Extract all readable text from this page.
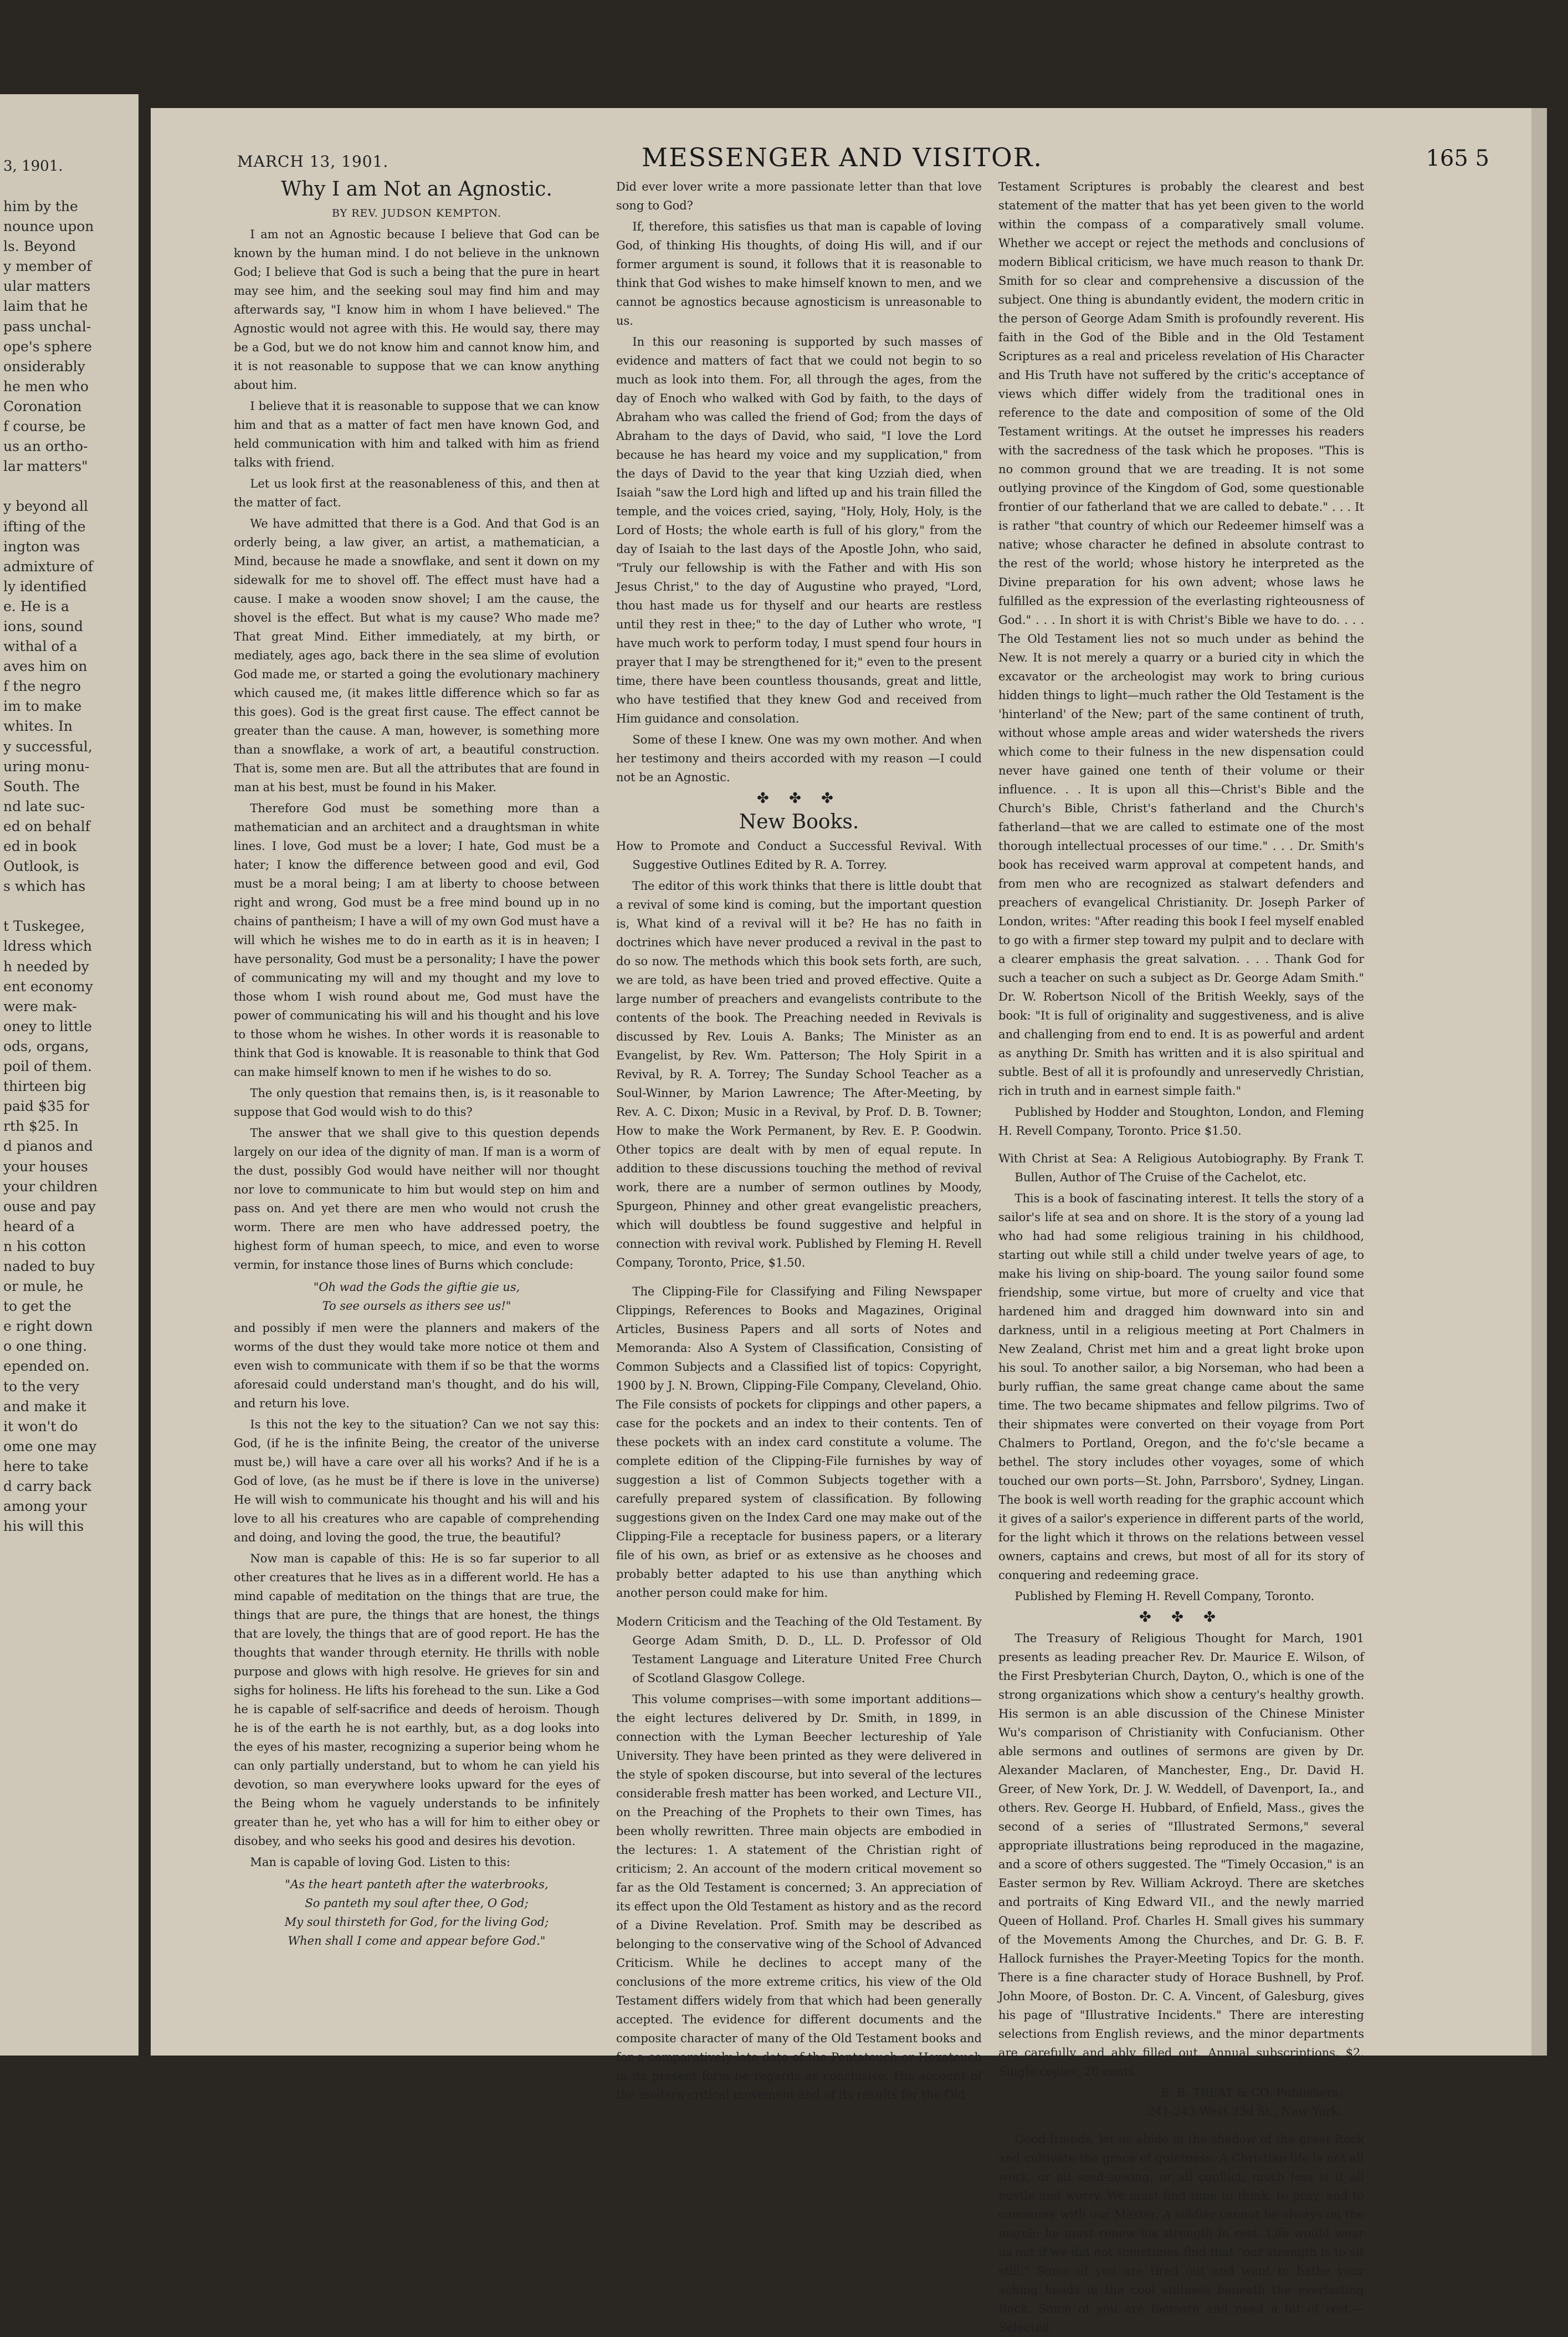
3, 1901.
him by the
nounce upon
ls. Beyond
y member of
ular matters
laim that he
pass unchal-
ope's sphere
onsiderably
he men who
Coronation
f course, be
us an ortho-
lar matters"

y beyond all
ifting of the
ington was
admixture of
ly identified
e. He is a
ions, sound
withal of a
aves him on
f the negro
im to make
whites. In
y successful,
uring monu-
South. The
nd late suc-
ed on behalf
ed in book
Outlook, is
s which has

t Tuskegee,
ldress which
h needed by
ent economy
were mak-
oney to little
ods, organs,
poil of them.
thirteen big
paid $35 for
rth $25. In
d pianos and
your houses
your children
ouse and pay
heard of a
n his cotton
naded to buy
or mule, he
to get the
e right down
o one thing.
epended on.
to the very
and make it
it won't do
ome one may
here to take
d carry back
among your
his will this
MARCH 13, 1901.	MESSENGER AND VISITOR.	165 5

Why I am Not an Agnostic.

BY REV. JUDSON KEMPTON.

I am not an Agnostic because I believe that God can be known by the human mind. I do not believe in the unknown God; I believe that God is such a being that the pure in heart may see him, and the seeking soul may find him and may afterwards say, "I know him in whom I have believed." The Agnostic would not agree with this. He would say, there may be a God, but we do not know him and cannot know him, and it is not reasonable to suppose that we can know anything about him.

I believe that it is reasonable to suppose that we can know him and that as a matter of fact men have known God, and held communication with him and talked with him as friend talks with friend.

Let us look first at the reasonableness of this, and then at the matter of fact.

We have admitted that there is a God. And that God is an orderly being, a law giver, an artist, a mathematician, a Mind, because he made a snowflake, and sent it down on my sidewalk for me to shovel off. The effect must have had a cause. I make a wooden snow shovel; I am the cause, the shovel is the effect. But what is my cause? Who made me? That great Mind. Either immediately, at my birth, or mediately, ages ago, back there in the sea slime of evolution God made me, or started a going the evolutionary machinery which caused me, (it makes little difference which so far as this goes). God is the great first cause. The effect cannot be greater than the cause. A man, however, is something more than a snowflake, a work of art, a beautiful construction. That is, some men are. But all the attributes that are found in man at his best, must be found in his Maker.

Therefore God must be something more than a mathematician and an architect and a draughtsman in white lines. I love, God must be a lover; I hate, God must be a hater; I know the difference between good and evil, God must be a moral being; I am at liberty to choose between right and wrong, God must be a free mind bound up in no chains of pantheism; I have a will of my own God must have a will which he wishes me to do in earth as it is in heaven; I have personality, God must be a personality; I have the power of communicating my will and my thought and my love to those whom I wish round about me, God must have the power of communicating his will and his thought and his love to those whom he wishes. In other words it is reasonable to think that God is knowable. It is reasonable to think that God can make himself known to men if he wishes to do so.

The only question that remains then, is, is it reasonable to suppose that God would wish to do this?

The answer that we shall give to this question depends largely on our idea of the dignity of man. If man is a worm of the dust, possibly God would have neither will nor thought nor love to communicate to him but would step on him and pass on. And yet there are men who would not crush the worm. There are men who have addressed poetry, the highest form of human speech, to mice, and even to worse vermin, for instance those lines of Burns which conclude:

"Oh wad the Gods the giftie gie us,
To see oursels as ithers see us!"

and possibly if men were the planners and makers of the worms of the dust they would take more notice ot them and even wish to communicate with them if so be that the worms aforesaid could understand man's thought, and do his will, and return his love.

Is this not the key to the situation? Can we not say this: God, (if he is the infinite Being, the creator of the universe must be,) will have a care over all his works? And if he is a God of love, (as he must be if there is love in the universe) He will wish to communicate his thought and his will and his love to all his creatures who are capable of comprehending and doing, and loving the good, the true, the beautiful?

Now man is capable of this: He is so far superior to all other creatures that he lives as in a different world. He has a mind capable of meditation on the things that are true, the things that are pure, the things that are honest, the things that are lovely, the things that are of good report. He has the thoughts that wander through eternity. He thrills with noble purpose and glows with high resolve. He grieves for sin and sighs for holiness. He lifts his forehead to the sun. Like a God he is capable of self-sacrifice and deeds of heroism. Though he is of the earth he is not earthly, but, as a dog looks into the eyes of his master, recognizing a superior being whom he can only partially understand, but to whom he can yield his devotion, so man everywhere looks upward for the eyes of the Being whom he vaguely understands to be infinitely greater than he, yet who has a will for him to either obey or disobey, and who seeks his good and desires his devotion.

Man is capable of loving God. Listen to this:

"As the heart panteth after the waterbrooks,
So panteth my soul after thee, O God;
My soul thirsteth for God, for the living God;
When shall I come and appear before God."

Did ever lover write a more passionate letter than that love song to God?

If, therefore, this satisfies us that man is capable of loving God, of thinking His thoughts, of doing His will, and if our former argument is sound, it follows that it is reasonable to think that God wishes to make himself known to men, and we cannot be agnostics because agnosticism is unreasonable to us.

In this our reasoning is supported by such masses of evidence and matters of fact that we could not begin to so much as look into them. For, all through the ages, from the day of Enoch who walked with God by faith, to the days of Abraham who was called the friend of God; from the days of Abraham to the days of David, who said, "I love the Lord because he has heard my voice and my supplication," from the days of David to the year that king Uzziah died, when Isaiah "saw the Lord high and lifted up and his train filled the temple, and the voices cried, saying, "Holy, Holy, Holy, is the Lord of Hosts; the whole earth is full of his glory," from the day of Isaiah to the last days of the Apostle John, who said, "Truly our fellowship is with the Father and with His son Jesus Christ," to the day of Augustine who prayed, "Lord, thou hast made us for thyself and our hearts are restless until they rest in thee;" to the day of Luther who wrote, "I have much work to perform today, I must spend four hours in prayer that I may be strengthened for it;" even to the present time, there have been countless thousands, great and little, who have testified that they knew God and received from Him guidance and consolation.

Some of these I knew. One was my own mother. And when her testimony and theirs accorded with my reason —I could not be an Agnostic.

✤ ✤ ✤

New Books.

How to Promote and Conduct a Successful Revival. With Suggestive Outlines Edited by R. A. Torrey.

The editor of this work thinks that there is little doubt that a revival of some kind is coming, but the important question is, What kind of a revival will it be? He has no faith in doctrines which have never produced a revival in the past to do so now. The methods which this book sets forth, are such, we are told, as have been tried and proved effective. Quite a large number of preachers and evangelists contribute to the contents of the book. The Preaching needed in Revivals is discussed by Rev. Louis A. Banks; The Minister as an Evangelist, by Rev. Wm. Patterson; The Holy Spirit in a Revival, by R. A. Torrey; The Sunday School Teacher as a Soul-Winner, by Marion Lawrence; The After-Meeting, by Rev. A. C. Dixon; Music in a Revival, by Prof. D. B. Towner; How to make the Work Permanent, by Rev. E. P. Goodwin. Other topics are dealt with by men of equal repute. In addition to these discussions touching the method of revival work, there are a number of sermon outlines by Moody, Spurgeon, Phinney and other great evangelistic preachers, which will doubtless be found suggestive and helpful in connection with revival work. Published by Fleming H. Revell Company, Toronto, Price, $1.50.

The Clipping-File for Classifying and Filing Newspaper Clippings, References to Books and Magazines, Original Articles, Business Papers and all sorts of Notes and Memoranda: Also A System of Classification, Consisting of Common Subjects and a Classified list of topics: Copyright, 1900 by J. N. Brown, Clipping-File Company, Cleveland, Ohio. The File consists of pockets for clippings and other papers, a case for the pockets and an index to their contents. Ten of these pockets with an index card constitute a volume. The complete edition of the Clipping-File furnishes by way of suggestion a list of Common Subjects together with a carefully prepared system of classification. By following suggestions given on the Index Card one may make out of the Clipping-File a receptacle for business papers, or a literary file of his own, as brief or as extensive as he chooses and probably better adapted to his use than anything which another person could make for him.

Modern Criticism and the Teaching of the Old Testament. By George Adam Smith, D. D., LL. D. Professor of Old Testament Language and Literature United Free Church of Scotland Glasgow College.

This volume comprises—with some important additions—the eight lectures delivered by Dr. Smith, in 1899, in connection with the Lyman Beecher lectureship of Yale University. They have been printed as they were delivered in the style of spoken discourse, but into several of the lectures considerable fresh matter has been worked, and Lecture VII., on the Preaching of the Prophets to their own Times, has been wholly rewritten. Three main objects are embodied in the lectures: 1. A statement of the Christian right of criticism; 2. An account of the modern critical movement so far as the Old Testament is concerned; 3. An appreciation of its effect upon the Old Testament as history and as the record of a Divine Revelation. Prof. Smith may be described as belonging to the conservative wing of the School of Advanced Criticism. While he declines to accept many of the conclusions of the more extreme critics, his view of the Old Testament differs widely from that which had been generally accepted. The evidence for different documents and the composite character of many of the Old Testament books and for a comparatively late date of the Pentateuch or Hexateuch in its present form he regards as conclusive. His account of the modern critical movement and of its results for the Old

Testament Scriptures is probably the clearest and best statement of the matter that has yet been given to the world within the compass of a comparatively small volume. Whether we accept or reject the methods and conclusions of modern Biblical criticism, we have much reason to thank Dr. Smith for so clear and comprehensive a discussion of the subject. One thing is abundantly evident, the modern critic in the person of George Adam Smith is profoundly reverent. His faith in the God of the Bible and in the Old Testament Scriptures as a real and priceless revelation of His Character and His Truth have not suffered by the critic's acceptance of views which differ widely from the traditional ones in reference to the date and composition of some of the Old Testament writings. At the outset he impresses his readers with the sacredness of the task which he proposes. "This is no common ground that we are treading. It is not some outlying province of the Kingdom of God, some questionable frontier of our fatherland that we are called to debate." . . . It is rather "that country of which our Redeemer himself was a native; whose character he defined in absolute contrast to the rest of the world; whose history he interpreted as the Divine preparation for his own advent; whose laws he fulfilled as the expression of the everlasting righteousness of God." . . . In short it is with Christ's Bible we have to do. . . . The Old Testament lies not so much under as behind the New. It is not merely a quarry or a buried city in which the excavator or the archeologist may work to bring curious hidden things to light—much rather the Old Testament is the 'hinterland' of the New; part of the same continent of truth, without whose ample areas and wider watersheds the rivers which come to their fulness in the new dispensation could never have gained one tenth of their volume or their influence. . . It is upon all this—Christ's Bible and the Church's Bible, Christ's fatherland and the Church's fatherland—that we are called to estimate one of the most thorough intellectual processes of our time." . . . Dr. Smith's book has received warm approval at competent hands, and from men who are recognized as stalwart defenders and preachers of evangelical Christianity. Dr. Joseph Parker of London, writes: "After reading this book I feel myself enabled to go with a firmer step toward my pulpit and to declare with a clearer emphasis the great salvation. . . . Thank God for such a teacher on such a subject as Dr. George Adam Smith." Dr. W. Robertson Nicoll of the British Weekly, says of the book: "It is full of originality and suggestiveness, and is alive and challenging from end to end. It is as powerful and ardent as anything Dr. Smith has written and it is also spiritual and subtle. Best of all it is profoundly and unreservedly Christian, rich in truth and in earnest simple faith."

Published by Hodder and Stoughton, London, and Fleming H. Revell Company, Toronto. Price $1.50.

With Christ at Sea: A Religious Autobiography. By Frank T. Bullen, Author of The Cruise of the Cachelot, etc.

This is a book of fascinating interest. It tells the story of a sailor's life at sea and on shore. It is the story of a young lad who had had some religious training in his childhood, starting out while still a child under twelve years of age, to make his living on ship-board. The young sailor found some friendship, some virtue, but more of cruelty and vice that hardened him and dragged him downward into sin and darkness, until in a religious meeting at Port Chalmers in New Zealand, Christ met him and a great light broke upon his soul. To another sailor, a big Norseman, who had been a burly ruffian, the same great change came about the same time. The two became shipmates and fellow pilgrims. Two of their shipmates were converted on their voyage from Port Chalmers to Portland, Oregon, and the fo'c'sle became a bethel. The story includes other voyages, some of which touched our own ports—St. John, Parrsboro', Sydney, Lingan. The book is well worth reading for the graphic account which it gives of a sailor's experience in different parts of the world, for the light which it throws on the relations between vessel owners, captains and crews, but most of all for its story of conquering and redeeming grace.

Published by Fleming H. Revell Company, Toronto.

✤ ✤ ✤

The Treasury of Religious Thought for March, 1901 presents as leading preacher Rev. Dr. Maurice E. Wilson, of the First Presbyterian Church, Dayton, O., which is one of the strong organizations which show a century's healthy growth. His sermon is an able discussion of the Chinese Minister Wu's comparison of Christianity with Confucianism. Other able sermons and outlines of sermons are given by Dr. Alexander Maclaren, of Manchester, Eng., Dr. David H. Greer, of New York, Dr. J. W. Weddell, of Davenport, Ia., and others. Rev. George H. Hubbard, of Enfield, Mass., gives the second of a series of "Illustrated Sermons," several appropriate illustrations being reproduced in the magazine, and a score of others suggested. The "Timely Occasion," is an Easter sermon by Rev. William Ackroyd. There are sketches and portraits of King Edward VII., and the newly married Queen of Holland. Prof. Charles H. Small gives his summary of the Movements Among the Churches, and Dr. G. B. F. Hallock furnishes the Prayer-Meeting Topics for the month. There is a fine character study of Horace Bushnell, by Prof. John Moore, of Boston. Dr. C. A. Vincent, of Galesburg, gives his page of "Illustrative Incidents." There are interesting selections from English reviews, and the minor departments are carefully and ably filled out. Annual subscriptions, $2. Single copies, 20 cents.

E. B. TREAT & CO, Publishers,
241-243 West 23d St., New York.

Good friends, let us abide in the shadow of the great Rock and cultivate the grace of quietness. A Christian life is not all work, or all seed-sowing, or all conflict; much less is it all bustle and worry. We must find time to think, to pray, and to commune with our Master. A soldier cannot be always on the march: he must renew his strength in rest. Life would wear us out if we did not sometimes find that "our strength is to sit still." Some of you are tired out and want to bathe your aching heads in the cool stillness beneath the everlasting Rock. Some of you are footsore and need a bit of rest.—Selected.
